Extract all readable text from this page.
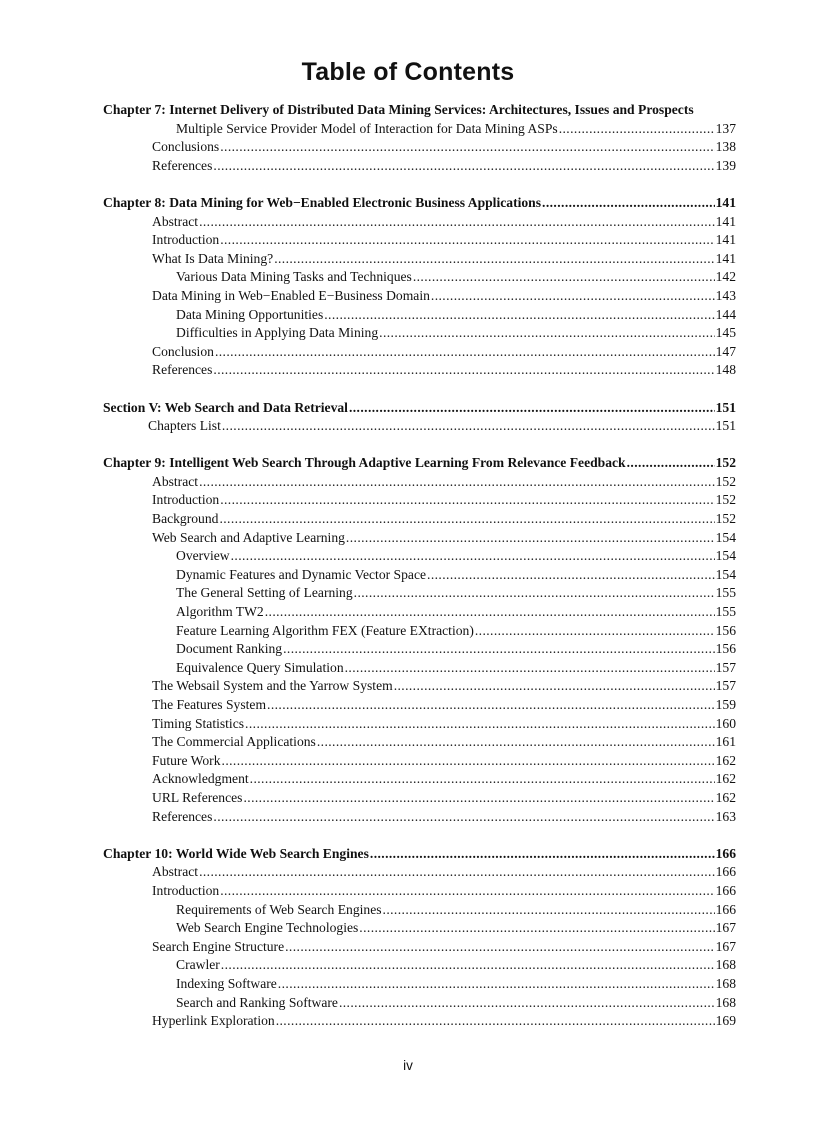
Table of Contents
Chapter 7: Internet Delivery of Distributed Data Mining Services: Architectures, Issues and Prospects
Multiple Service Provider Model of Interaction for Data Mining ASPs .....	137
Conclusions .....	138
References .....	139
Chapter 8: Data Mining for Web−Enabled Electronic Business Applications .....	141
Abstract .....	141
Introduction .....	141
What Is Data Mining? .....	141
Various Data Mining Tasks and Techniques .....	142
Data Mining in Web−Enabled E−Business Domain .....	143
Data Mining Opportunities .....	144
Difficulties in Applying Data Mining .....	145
Conclusion .....	147
References .....	148
Section V: Web Search and Data Retrieval .....	151
Chapters List .....	151
Chapter 9: Intelligent Web Search Through Adaptive Learning From Relevance Feedback .....	152
Abstract .....	152
Introduction .....	152
Background .....	152
Web Search and Adaptive Learning .....	154
Overview .....	154
Dynamic Features and Dynamic Vector Space .....	154
The General Setting of Learning .....	155
Algorithm TW2 .....	155
Feature Learning Algorithm FEX (Feature EXtraction) .....	156
Document Ranking .....	156
Equivalence Query Simulation .....	157
The Websail System and the Yarrow System .....	157
The Features System .....	159
Timing Statistics .....	160
The Commercial Applications .....	161
Future Work .....	162
Acknowledgment .....	162
URL References .....	162
References .....	163
Chapter 10: World Wide Web Search Engines .....	166
Abstract .....	166
Introduction .....	166
Requirements of Web Search Engines .....	166
Web Search Engine Technologies .....	167
Search Engine Structure .....	167
Crawler .....	168
Indexing Software .....	168
Search and Ranking Software .....	168
Hyperlink Exploration .....	169
iv
